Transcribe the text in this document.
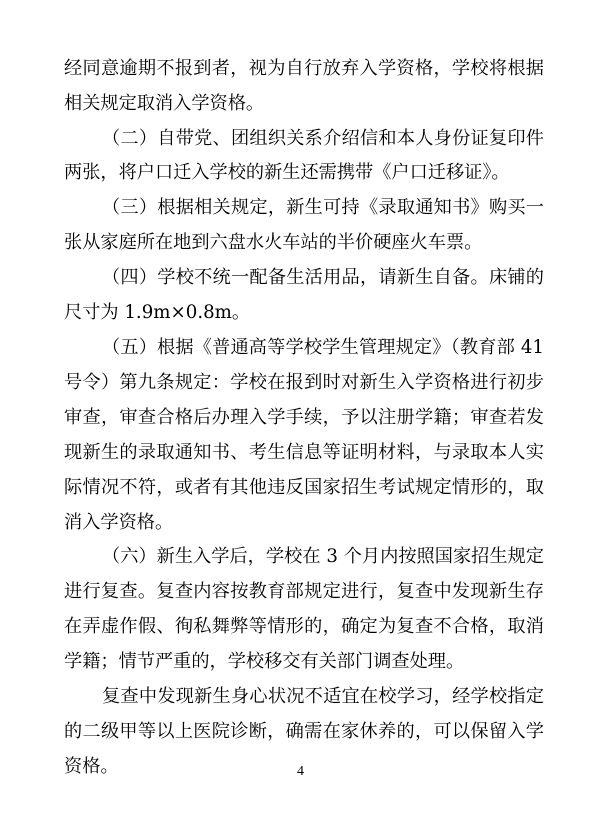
经同意逾期不报到者，视为自行放弃入学资格，学校将根据
相关规定取消入学资格。
（二）自带党、团组织关系介绍信和本人身份证复印件
两张，将户口迁入学校的新生还需携带《户口迁移证》。
（三）根据相关规定，新生可持《录取通知书》购买一
张从家庭所在地到六盘水火车站的半价硬座火车票。
（四）学校不统一配备生活用品，请新生自备。床铺的
尺寸为 1.9m×0.8m。
（五）根据《普通高等学校学生管理规定》（教育部 41
号令）第九条规定：学校在报到时对新生入学资格进行初步
审查，审查合格后办理入学手续，予以注册学籍；审查若发
现新生的录取通知书、考生信息等证明材料，与录取本人实
际情况不符，或者有其他违反国家招生考试规定情形的，取
消入学资格。
（六）新生入学后，学校在 3 个月内按照国家招生规定
进行复查。复查内容按教育部规定进行，复查中发现新生存
在弄虚作假、徇私舞弊等情形的，确定为复查不合格，取消
学籍；情节严重的，学校移交有关部门调查处理。
复查中发现新生身心状况不适宜在校学习，经学校指定
的二级甲等以上医院诊断，确需在家休养的，可以保留入学
资格。	4
